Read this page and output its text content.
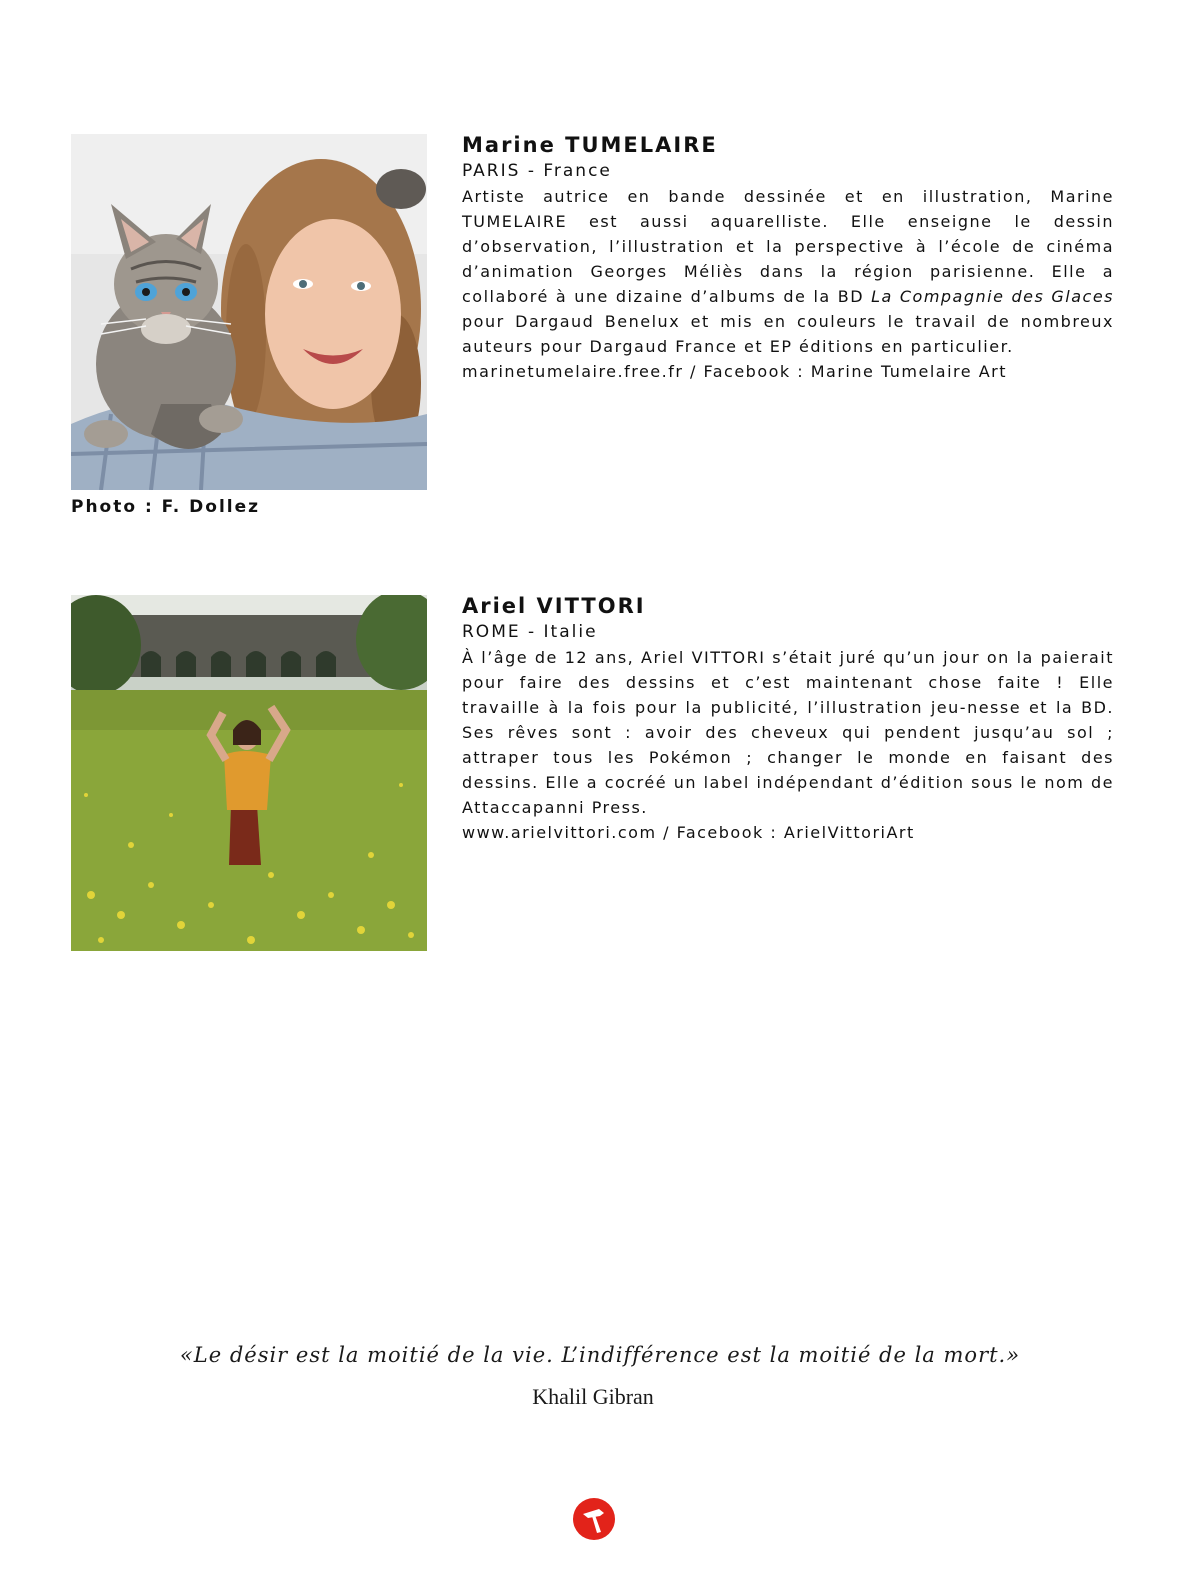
Photo : F. Dollez
Marine TUMELAIRE
PARIS - France
Artiste autrice en bande dessinée et en illustration, Marine TUMELAIRE est aussi aquarelliste. Elle enseigne le dessin d’observation, l’illustration et la perspective à l’école de cinéma d’animation Georges Méliès dans la région parisienne. Elle a collaboré à une dizaine d’albums de la BD La Compagnie des Glaces pour Dargaud Benelux et mis en couleurs le travail de nombreux auteurs pour Dargaud France et EP éditions en particulier.
marinetumelaire.free.fr / Facebook : Marine Tumelaire Art
Ariel VITTORI
ROME - Italie
À l’âge de 12 ans, Ariel VITTORI s’était juré qu’un jour on la paierait pour faire des dessins et c’est maintenant chose faite ! Elle travaille à la fois pour la publicité, l’illustration jeu-nesse et la BD. Ses rêves sont : avoir des cheveux qui pendent jusqu’au sol ; attraper tous les Pokémon ; changer le monde en faisant des dessins. Elle a cocréé un label indépendant d’édition sous le nom de Attaccapanni Press.
www.arielvittori.com / Facebook : ArielVittoriArt
«Le désir est la moitié de la vie. L’indifférence est la moitié de la mort.»
Khalil Gibran
